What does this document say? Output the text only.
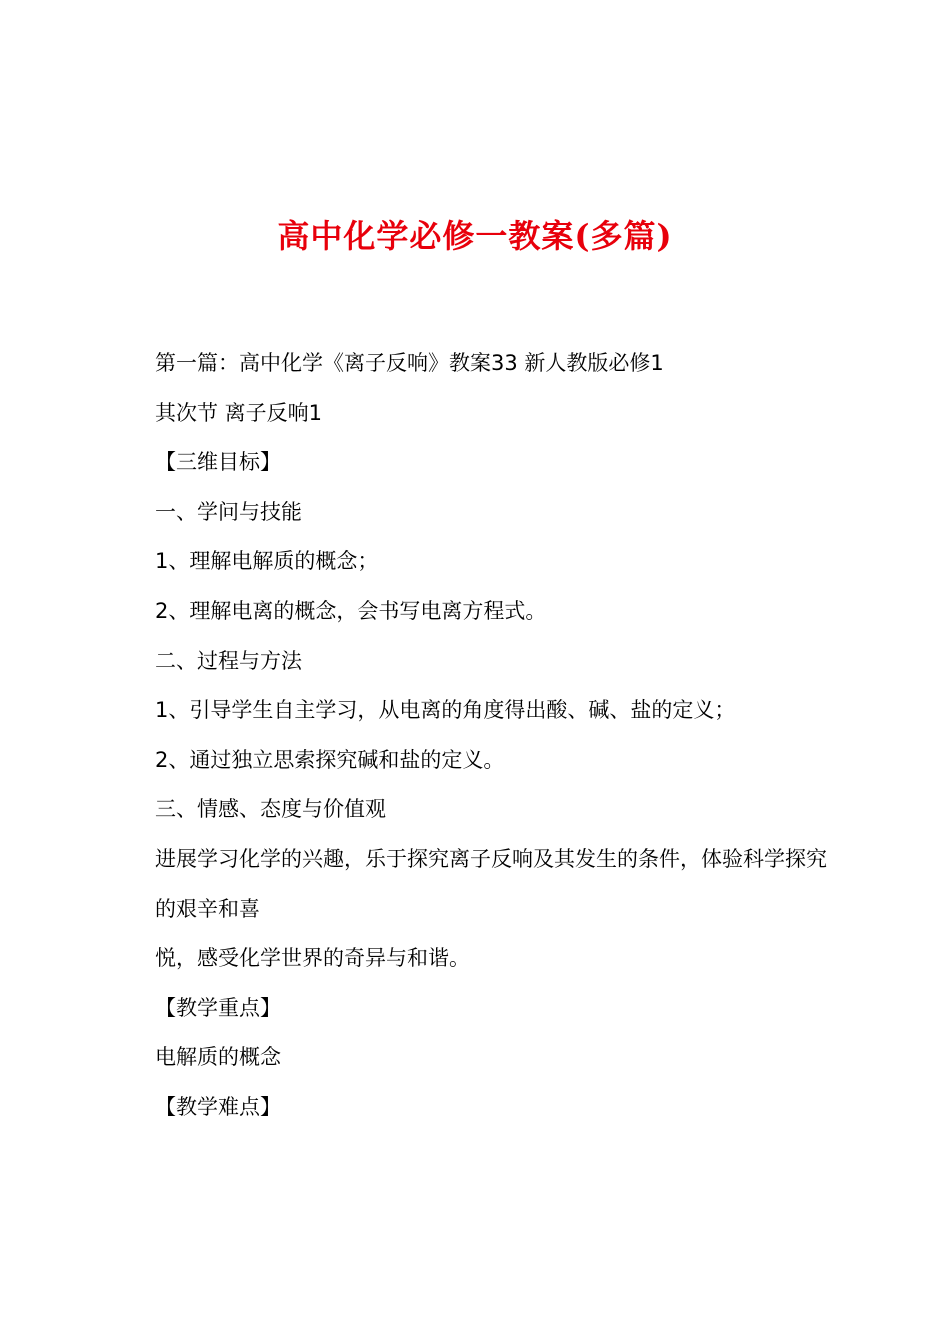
高中化学必修一教案(多篇)

第一篇：高中化学《离子反响》教案33 新人教版必修1

其次节 离子反响1

【三维目标】

一、学问与技能

1、理解电解质的概念；

2、理解电离的概念，会书写电离方程式。

二、过程与方法

1、引导学生自主学习，从电离的角度得出酸、碱、盐的定义；

2、通过独立思索探究碱和盐的定义。

三、情感、态度与价值观

进展学习化学的兴趣，乐于探究离子反响及其发生的条件，体验科学探究的艰辛和喜

悦，感受化学世界的奇异与和谐。

【教学重点】

电解质的概念

【教学难点】
